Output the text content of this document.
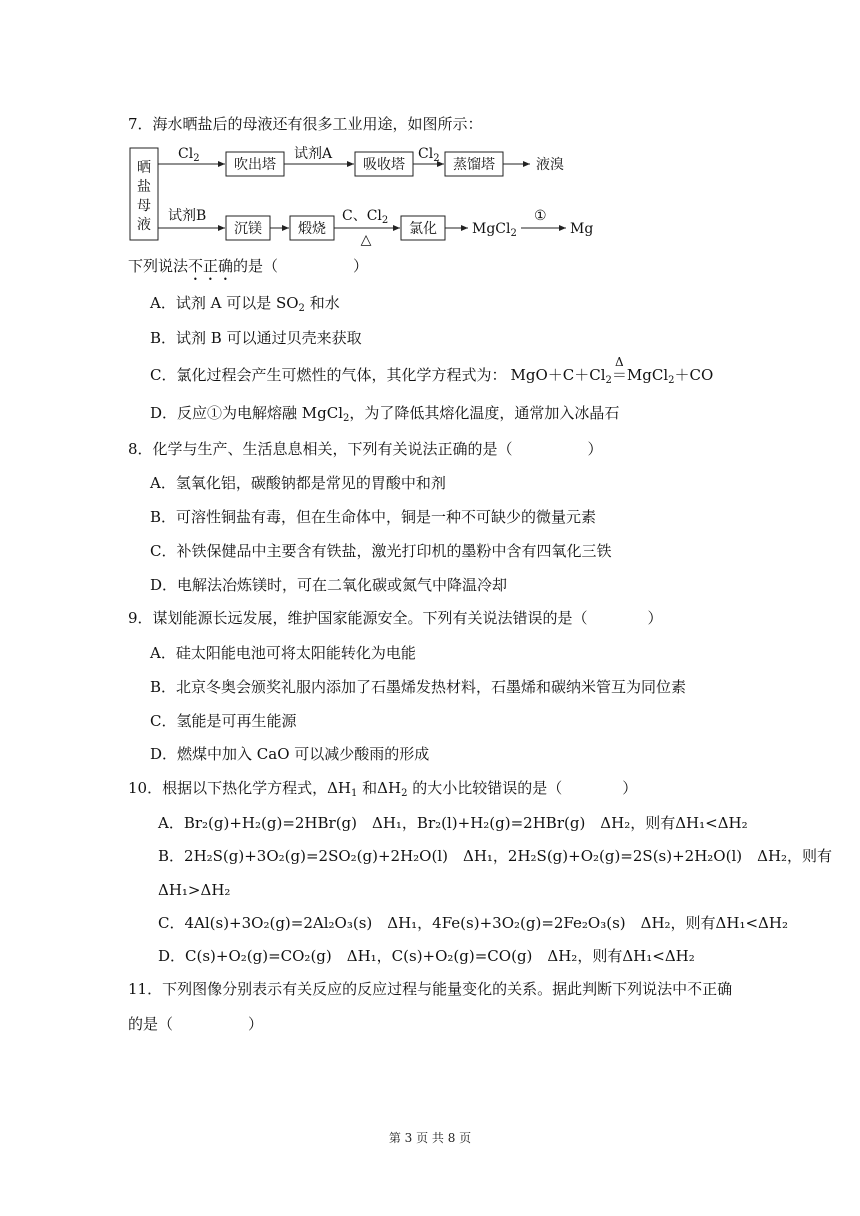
7．海水晒盐后的母液还有很多工业用途，如图所示：
晒
盐
母
液
$Cl_2$ 吹出塔
试剂A
吸收塔
$Cl_2$ 蒸馏塔	液溴
试剂B
沉镁	煅烧
C、$Cl_2$
△
氯化	MgCl$_2$
①
Mg
下列说法不正确的是（　　　　　）
A．试剂 A 可以是 $SO_2$ 和水
B．试剂 B 可以通过贝壳来获取
C．氯化过程会产生可燃性的气体，其化学方程式为： $MgO+C+Cl_2$
Δ
＝MgCl$_2$＋CO
D．反应①为电解熔融 MgCl$_2$，为了降低其熔化温度，通常加入冰晶石
8．化学与生产、生活息息相关，下列有关说法正确的是（　　　　　）
A．氢氧化铝，碳酸钠都是常见的胃酸中和剂
B．可溶性铜盐有毒，但在生命体中，铜是一种不可缺少的微量元素
C．补铁保健品中主要含有铁盐，激光打印机的墨粉中含有四氧化三铁
D．电解法冶炼镁时，可在二氧化碳或氮气中降温冷却
9．谋划能源长远发展，维护国家能源安全。下列有关说法错误的是（　　　　）
A．硅太阳能电池可将太阳能转化为电能
B．北京冬奥会颁奖礼服内添加了石墨烯发热材料，石墨烯和碳纳米管互为同位素
C．氢能是可再生能源
D．燃煤中加入 CaO 可以减少酸雨的形成
10．根据以下热化学方程式，$\Delta H_1$ 和$\Delta H_2$ 的大小比较错误的是（　　　　）
A．Br₂(g)+H₂(g)=2HBr(g)　ΔH₁，Br₂(l)+H₂(g)=2HBr(g)　ΔH₂，则有ΔH₁<ΔH₂
B．2H₂S(g)+3O₂(g)=2SO₂(g)+2H₂O(l)　ΔH₁，2H₂S(g)+O₂(g)=2S(s)+2H₂O(l)　ΔH₂，则有
ΔH₁>ΔH₂
C．4Al(s)+3O₂(g)=2Al₂O₃(s)　ΔH₁，4Fe(s)+3O₂(g)=2Fe₂O₃(s)　ΔH₂，则有ΔH₁<ΔH₂
D．C(s)+O₂(g)=CO₂(g)　ΔH₁，C(s)+O₂(g)=CO(g)　ΔH₂，则有ΔH₁<ΔH₂
11．下列图像分别表示有关反应的反应过程与能量变化的关系。据此判断下列说法中不正确
的是（　　　　　）
第 3 页 共 8 页
